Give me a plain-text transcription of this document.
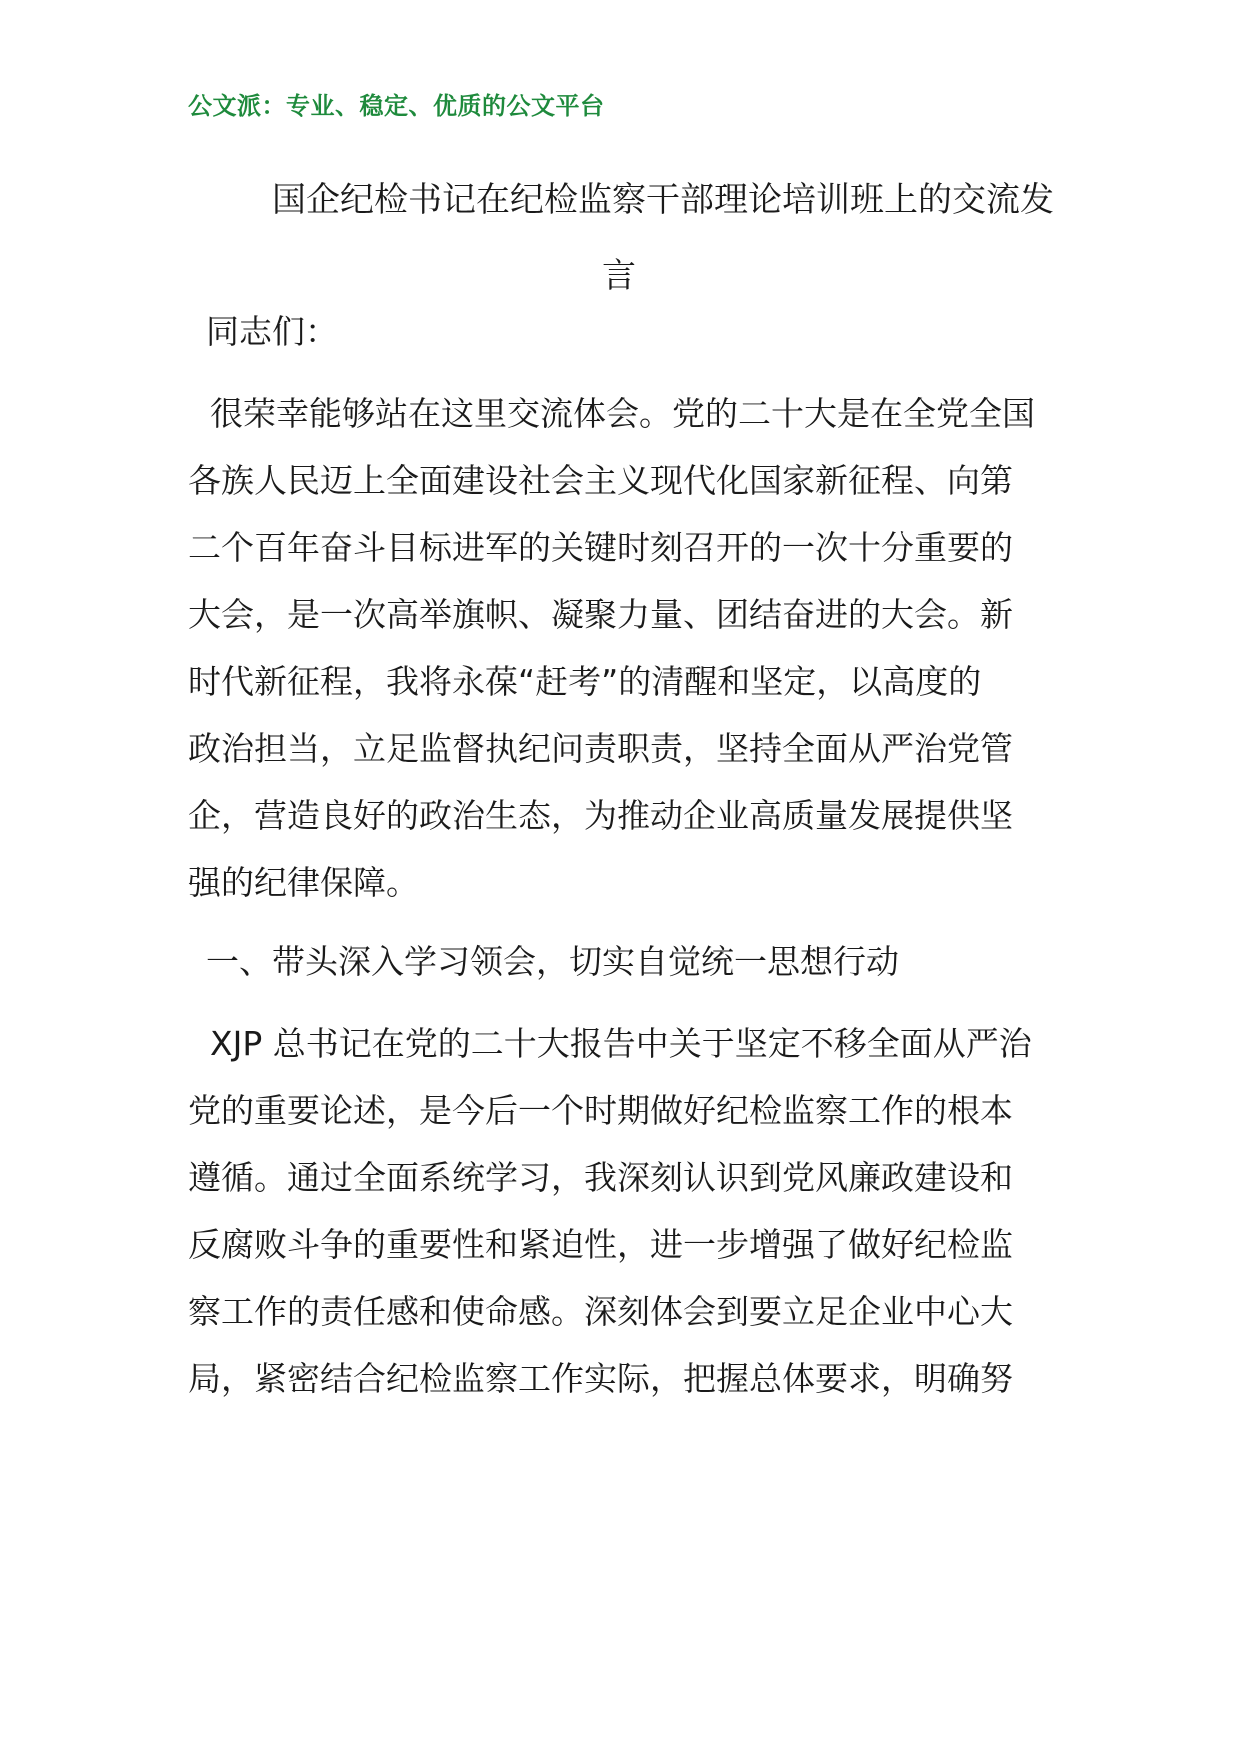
公文派：专业、稳定、优质的公文平台
国企纪检书记在纪检监察干部理论培训班上的交流发
言
同志们：
很荣幸能够站在这里交流体会。党的二十大是在全党全国
各族人民迈上全面建设社会主义现代化国家新征程、向第
二个百年奋斗目标进军的关键时刻召开的一次十分重要的
大会，是一次高举旗帜、凝聚力量、团结奋进的大会。新
时代新征程，我将永葆“赶考”的清醒和坚定，以高度的
政治担当，立足监督执纪问责职责，坚持全面从严治党管
企，营造良好的政治生态，为推动企业高质量发展提供坚
强的纪律保障。
一、带头深入学习领会，切实自觉统一思想行动
XJP 总书记在党的二十大报告中关于坚定不移全面从严治
党的重要论述，是今后一个时期做好纪检监察工作的根本
遵循。通过全面系统学习，我深刻认识到党风廉政建设和
反腐败斗争的重要性和紧迫性，进一步增强了做好纪检监
察工作的责任感和使命感。深刻体会到要立足企业中心大
局，紧密结合纪检监察工作实际，把握总体要求，明确努
